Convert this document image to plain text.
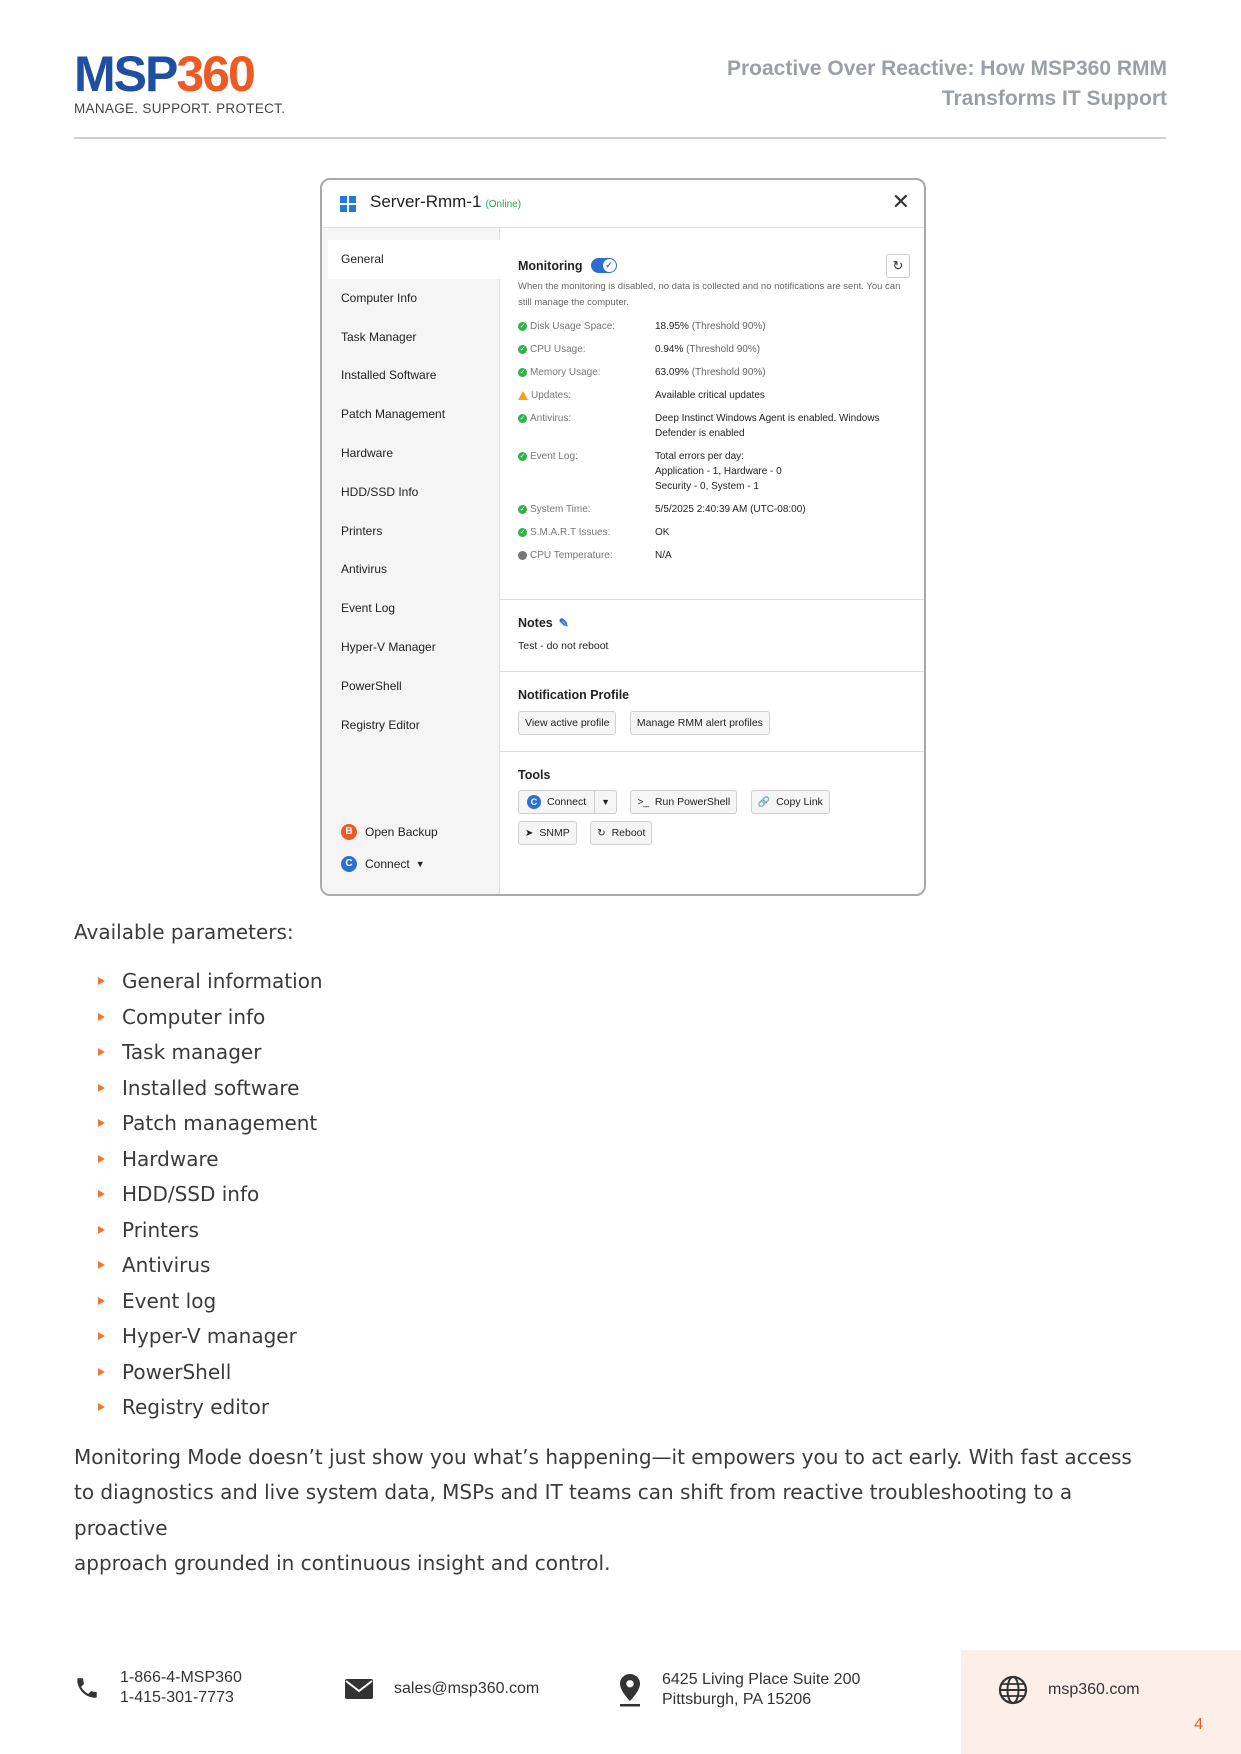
MSP360
MANAGE. SUPPORT. PROTECT.
Proactive Over Reactive: How MSP360 RMM
Transforms IT Support
Server-Rmm-1 (Online)	✕
General
Computer Info
Task Manager
Installed Software
Patch Management
Hardware
HDD/SSD Info
Printers
Antivirus
Event Log
Hyper-V Manager
PowerShell
Registry Editor
B	Open Backup
C	Connect ▼
Monitoring
✓	↻
When the monitoring is disabled, no data is collected and no notifications are sent. You can still manage the computer.
✓ Disk Usage Space:	18.95% (Threshold 90%)
✓ CPU Usage:	0.94% (Threshold 90%)
✓ Memory Usage:	63.09% (Threshold 90%)
Updates:	Available critical updates
✓ Antivirus:	Deep Instinct Windows Agent is enabled. Windows Defender is enabled
✓ Event Log:	Total errors per day:
Application - 1, Hardware - 0
Security - 0, System - 1
✓ System Time:	5/5/2025 2:40:39 AM (UTC-08:00)
✓ S.M.A.R.T Issues:	OK
CPU Temperature:	N/A
Notes ✎
Test - do not reboot
Notification Profile
View active profile	Manage RMM alert profiles
Tools
C Connect	▼	>_ Run PowerShell	🔗 Copy Link
➤ SNMP	↻ Reboot
Available parameters:
General information
Computer info
Task manager
Installed software
Patch management
Hardware
HDD/SSD info
Printers
Antivirus
Event log
Hyper-V manager
PowerShell
Registry editor
Monitoring Mode doesn’t just show you what’s happening—it empowers you to act early. With fast access
to diagnostics and live system data, MSPs and IT teams can shift from reactive troubleshooting to a proactive
approach grounded in continuous insight and control.
1-866-4-MSP360
1-415-301-7773
sales@msp360.com
6425 Living Place Suite 200
Pittsburgh, PA 15206
msp360.com
4
